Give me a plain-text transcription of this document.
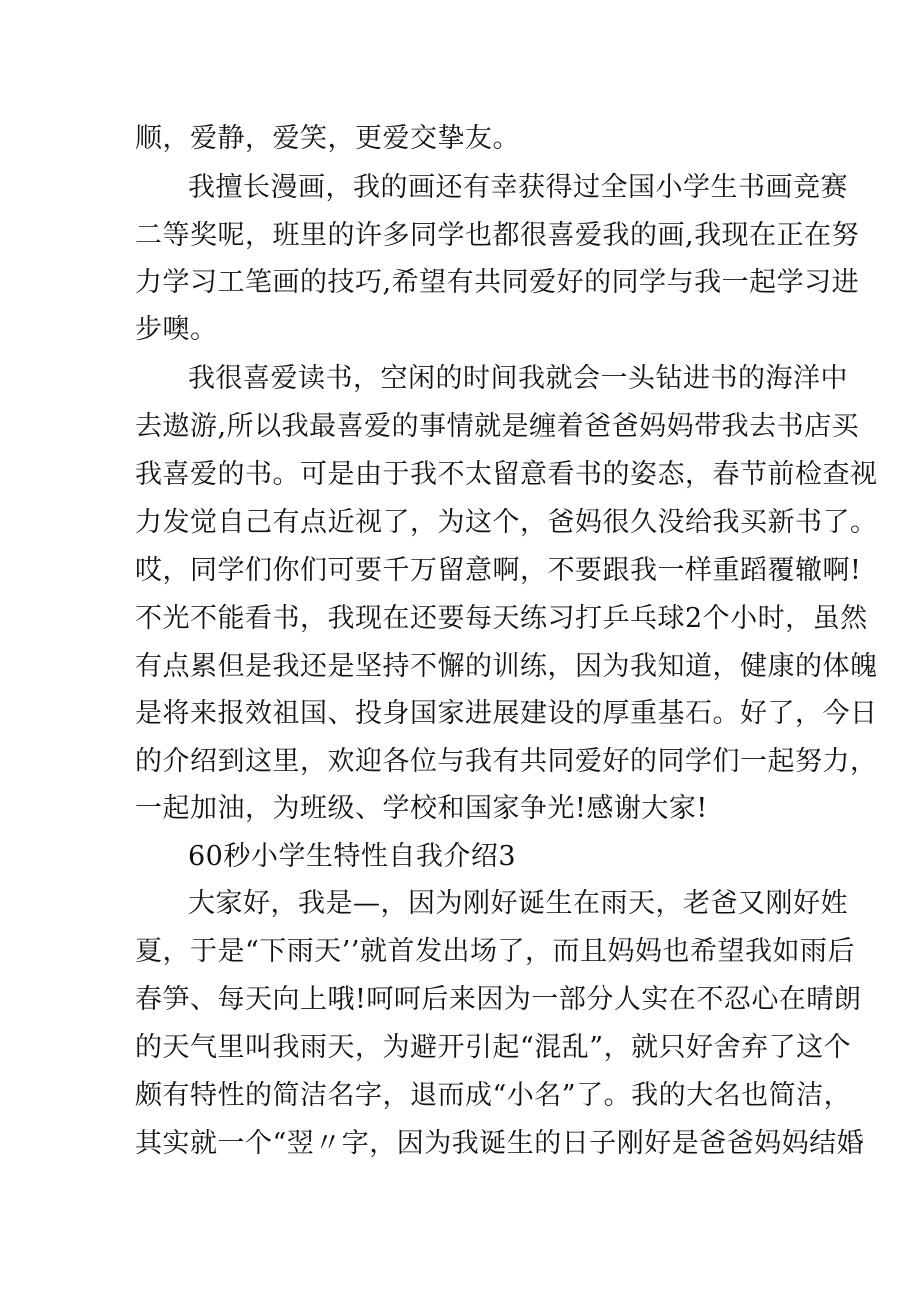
顺，爱静，爱笑，更爱交挚友。
我擅长漫画，我的画还有幸获得过全国小学生书画竞赛
二等奖呢，班里的许多同学也都很喜爱我的画,我现在正在努
力学习工笔画的技巧,希望有共同爱好的同学与我一起学习进
步噢。
我很喜爱读书，空闲的时间我就会一头钻进书的海洋中
去遨游,所以我最喜爱的事情就是缠着爸爸妈妈带我去书店买
我喜爱的书。可是由于我不太留意看书的姿态，春节前检查视
力发觉自己有点近视了，为这个，爸妈很久没给我买新书了。
哎，同学们你们可要千万留意啊，不要跟我一样重蹈覆辙啊!
不光不能看书，我现在还要每天练习打乒乓球2个小时，虽然
有点累但是我还是坚持不懈的训练，因为我知道，健康的体魄
是将来报效祖国、投身国家进展建设的厚重基石。好了，今日
的介绍到这里，欢迎各位与我有共同爱好的同学们一起努力，
一起加油，为班级、学校和国家争光!感谢大家!
60秒小学生特性自我介绍3
大家好，我是—，因为刚好诞生在雨天，老爸又刚好姓
夏，于是“下雨天’’就首发出场了，而且妈妈也希望我如雨后
春笋、每天向上哦!呵呵后来因为一部分人实在不忍心在晴朗
的天气里叫我雨天，为避开引起“混乱”，就只好舍弃了这个
颇有特性的简洁名字，退而成“小名”了。我的大名也简洁，
其实就一个“翌〃字，因为我诞生的日子刚好是爸爸妈妈结婚
